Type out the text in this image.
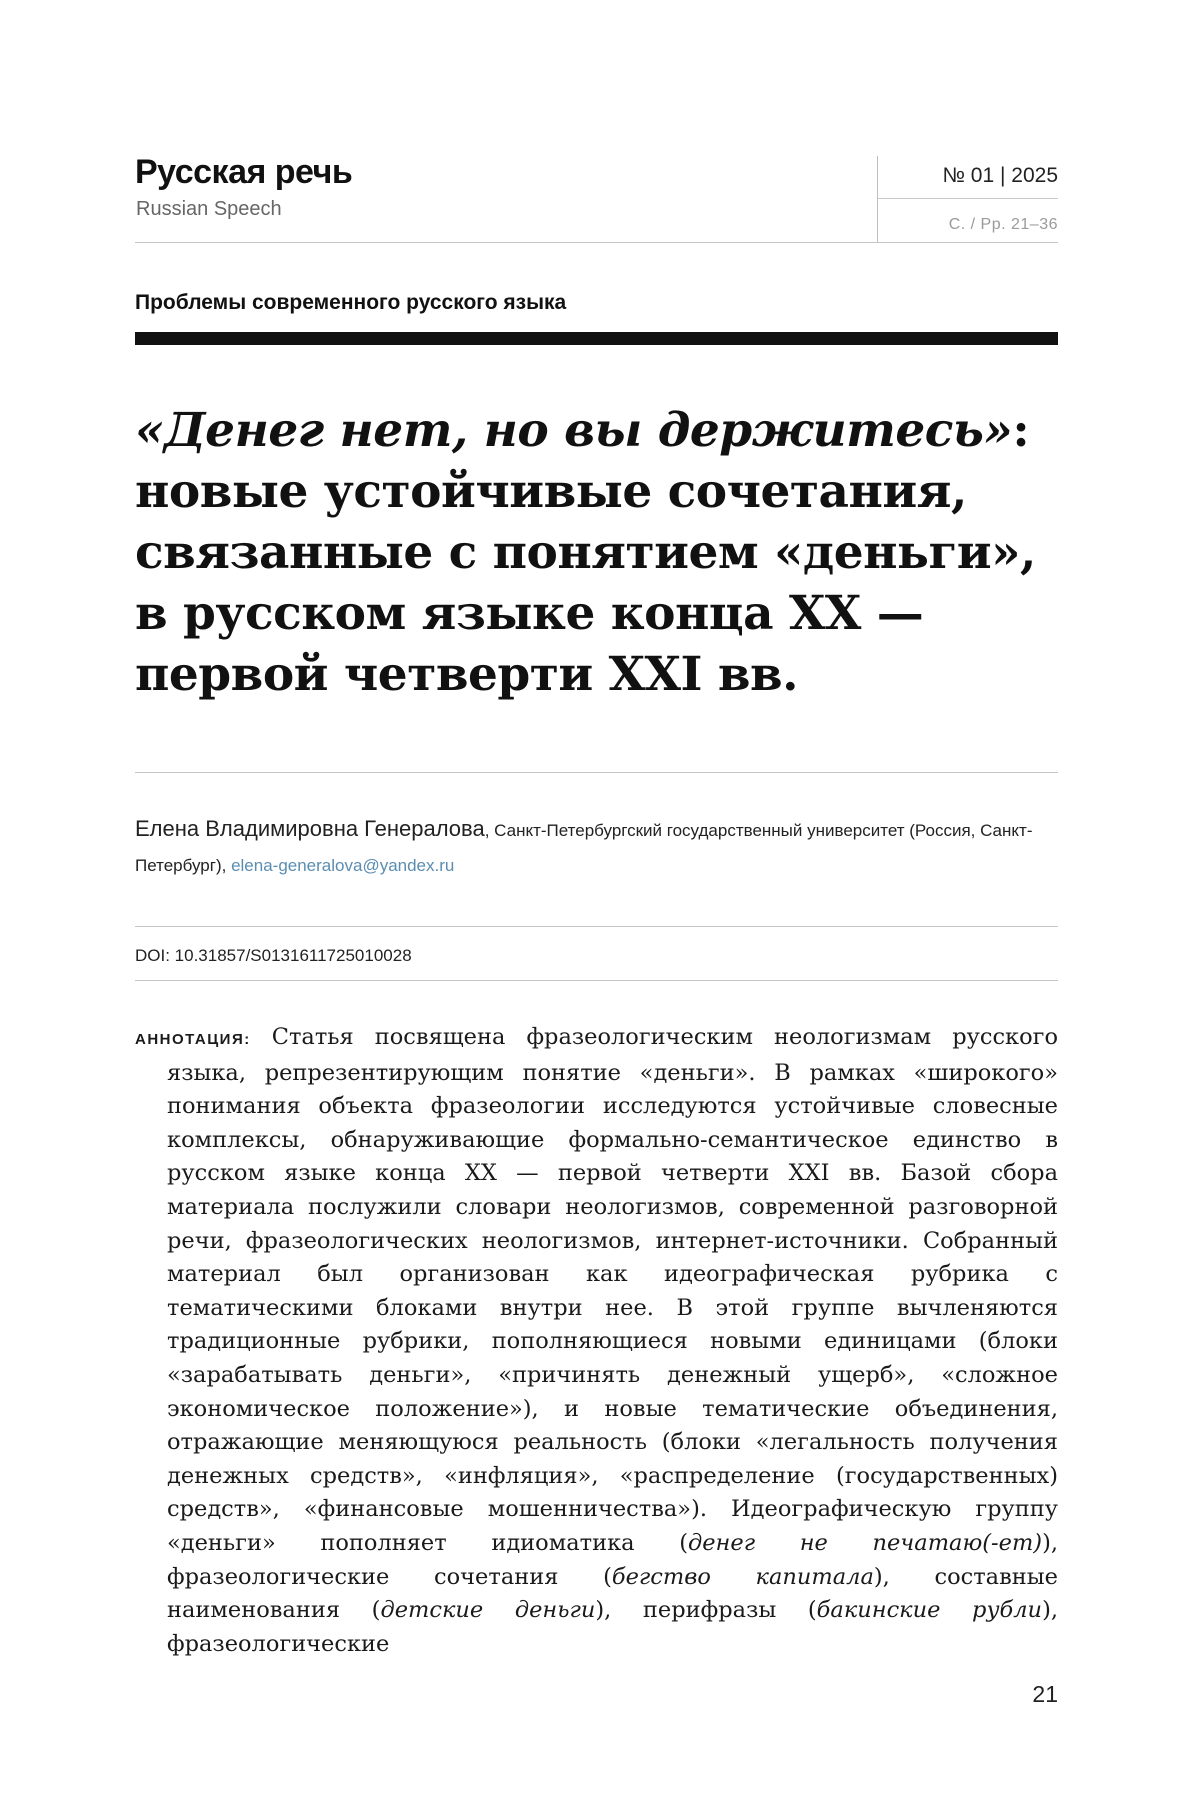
Русская речь
Russian Speech
№ 01 | 2025
С. / Pp. 21–36
Проблемы современного русского языка
«Денег нет, но вы держитесь»: новые устойчивые сочетания, связанные с понятием «деньги», в русском языке конца XX — первой четверти XXI вв.
Елена Владимировна Генералова, Санкт-Петербургский государственный университет (Россия, Санкт-Петербург), elena-generalova@yandex.ru
DOI: 10.31857/S0131611725010028
АННОТАЦИЯ: Статья посвящена фразеологическим неологизмам русского языка, репрезентирующим понятие «деньги». В рамках «широкого» понимания объекта фразеологии исследуются устойчивые словесные комплексы, обнаруживающие формально-семантическое единство в русском языке конца XX — первой четверти XXI вв. Базой сбора материала послужили словари неологизмов, современной разговорной речи, фразеологических неологизмов, интернет-источники. Собранный материал был организован как идеографическая рубрика с тематическими блоками внутри нее. В этой группе вычленяются традиционные рубрики, пополняющиеся новыми единицами (блоки «зарабатывать деньги», «причинять денежный ущерб», «сложное экономическое положение»), и новые тематические объединения, отражающие меняющуюся реальность (блоки «легальность получения денежных средств», «инфляция», «распределение (государственных) средств», «финансовые мошенничества»). Идеографическую группу «деньги» пополняет идиоматика (денег не печатаю(-ет)), фразеологические сочетания (бегство капитала), составные наименования (детские деньги), перифразы (бакинские рубли), фразеологические
21
